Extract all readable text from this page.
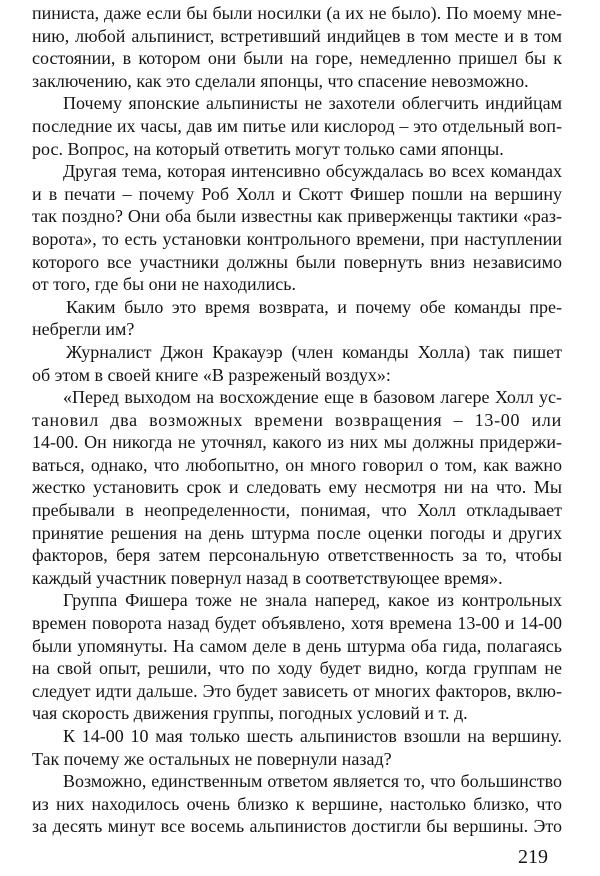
пиниста, даже если бы были носилки (а их не было). По моему мне-
нию, любой альпинист, встретивший индийцев в том месте и в том
состоянии, в котором они были на горе, немедленно пришел бы к
заключению, как это сделали японцы, что спасение невозможно.
Почему японские альпинисты не захотели облегчить индийцам
последние их часы, дав им питье или кислород – это отдельный воп-
рос. Вопрос, на который ответить могут только сами японцы.
Другая тема, которая интенсивно обсуждалась во всех командах
и в печати – почему Роб Холл и Скотт Фишер пошли на вершину
так поздно? Они оба были известны как приверженцы тактики «раз-
ворота», то есть установки контрольного времени, при наступлении
которого все участники должны были повернуть вниз независимо
от того, где бы они не находились.
Каким было это время возврата, и почему обе команды пре-
небрегли им?
Журналист Джон Кракауэр (член команды Холла) так пишет
об этом в своей книге «В разреженый воздух»:
«Перед выходом на восхождение еще в базовом лагере Холл ус-
тановил два возможных времени возвращения – 13-00 или
14-00. Он никогда не уточнял, какого из них мы должны придержи-
ваться, однако, что любопытно, он много говорил о том, как важно
жестко установить срок и следовать ему несмотря ни на что. Мы
пребывали в неопределенности, понимая, что Холл откладывает
принятие решения на день штурма после оценки погоды и других
факторов, беря затем персональную ответственность за то, чтобы
каждый участник повернул назад в соответствующее время».
Группа Фишера тоже не знала наперед, какое из контрольных
времен поворота назад будет объявлено, хотя времена 13-00 и 14-00
были упомянуты. На самом деле в день штурма оба гида, полагаясь
на свой опыт, решили, что по ходу будет видно, когда группам не
следует идти дальше. Это будет зависеть от многих факторов, вклю-
чая скорость движения группы, погодных условий и т. д.
К 14-00 10 мая только шесть альпинистов взошли на вершину.
Так почему же остальных не повернули назад?
Возможно, единственным ответом является то, что большинство
из них находилось очень близко к вершине, настолько близко, что
за десять минут все восемь альпинистов достигли бы вершины. Это
219
